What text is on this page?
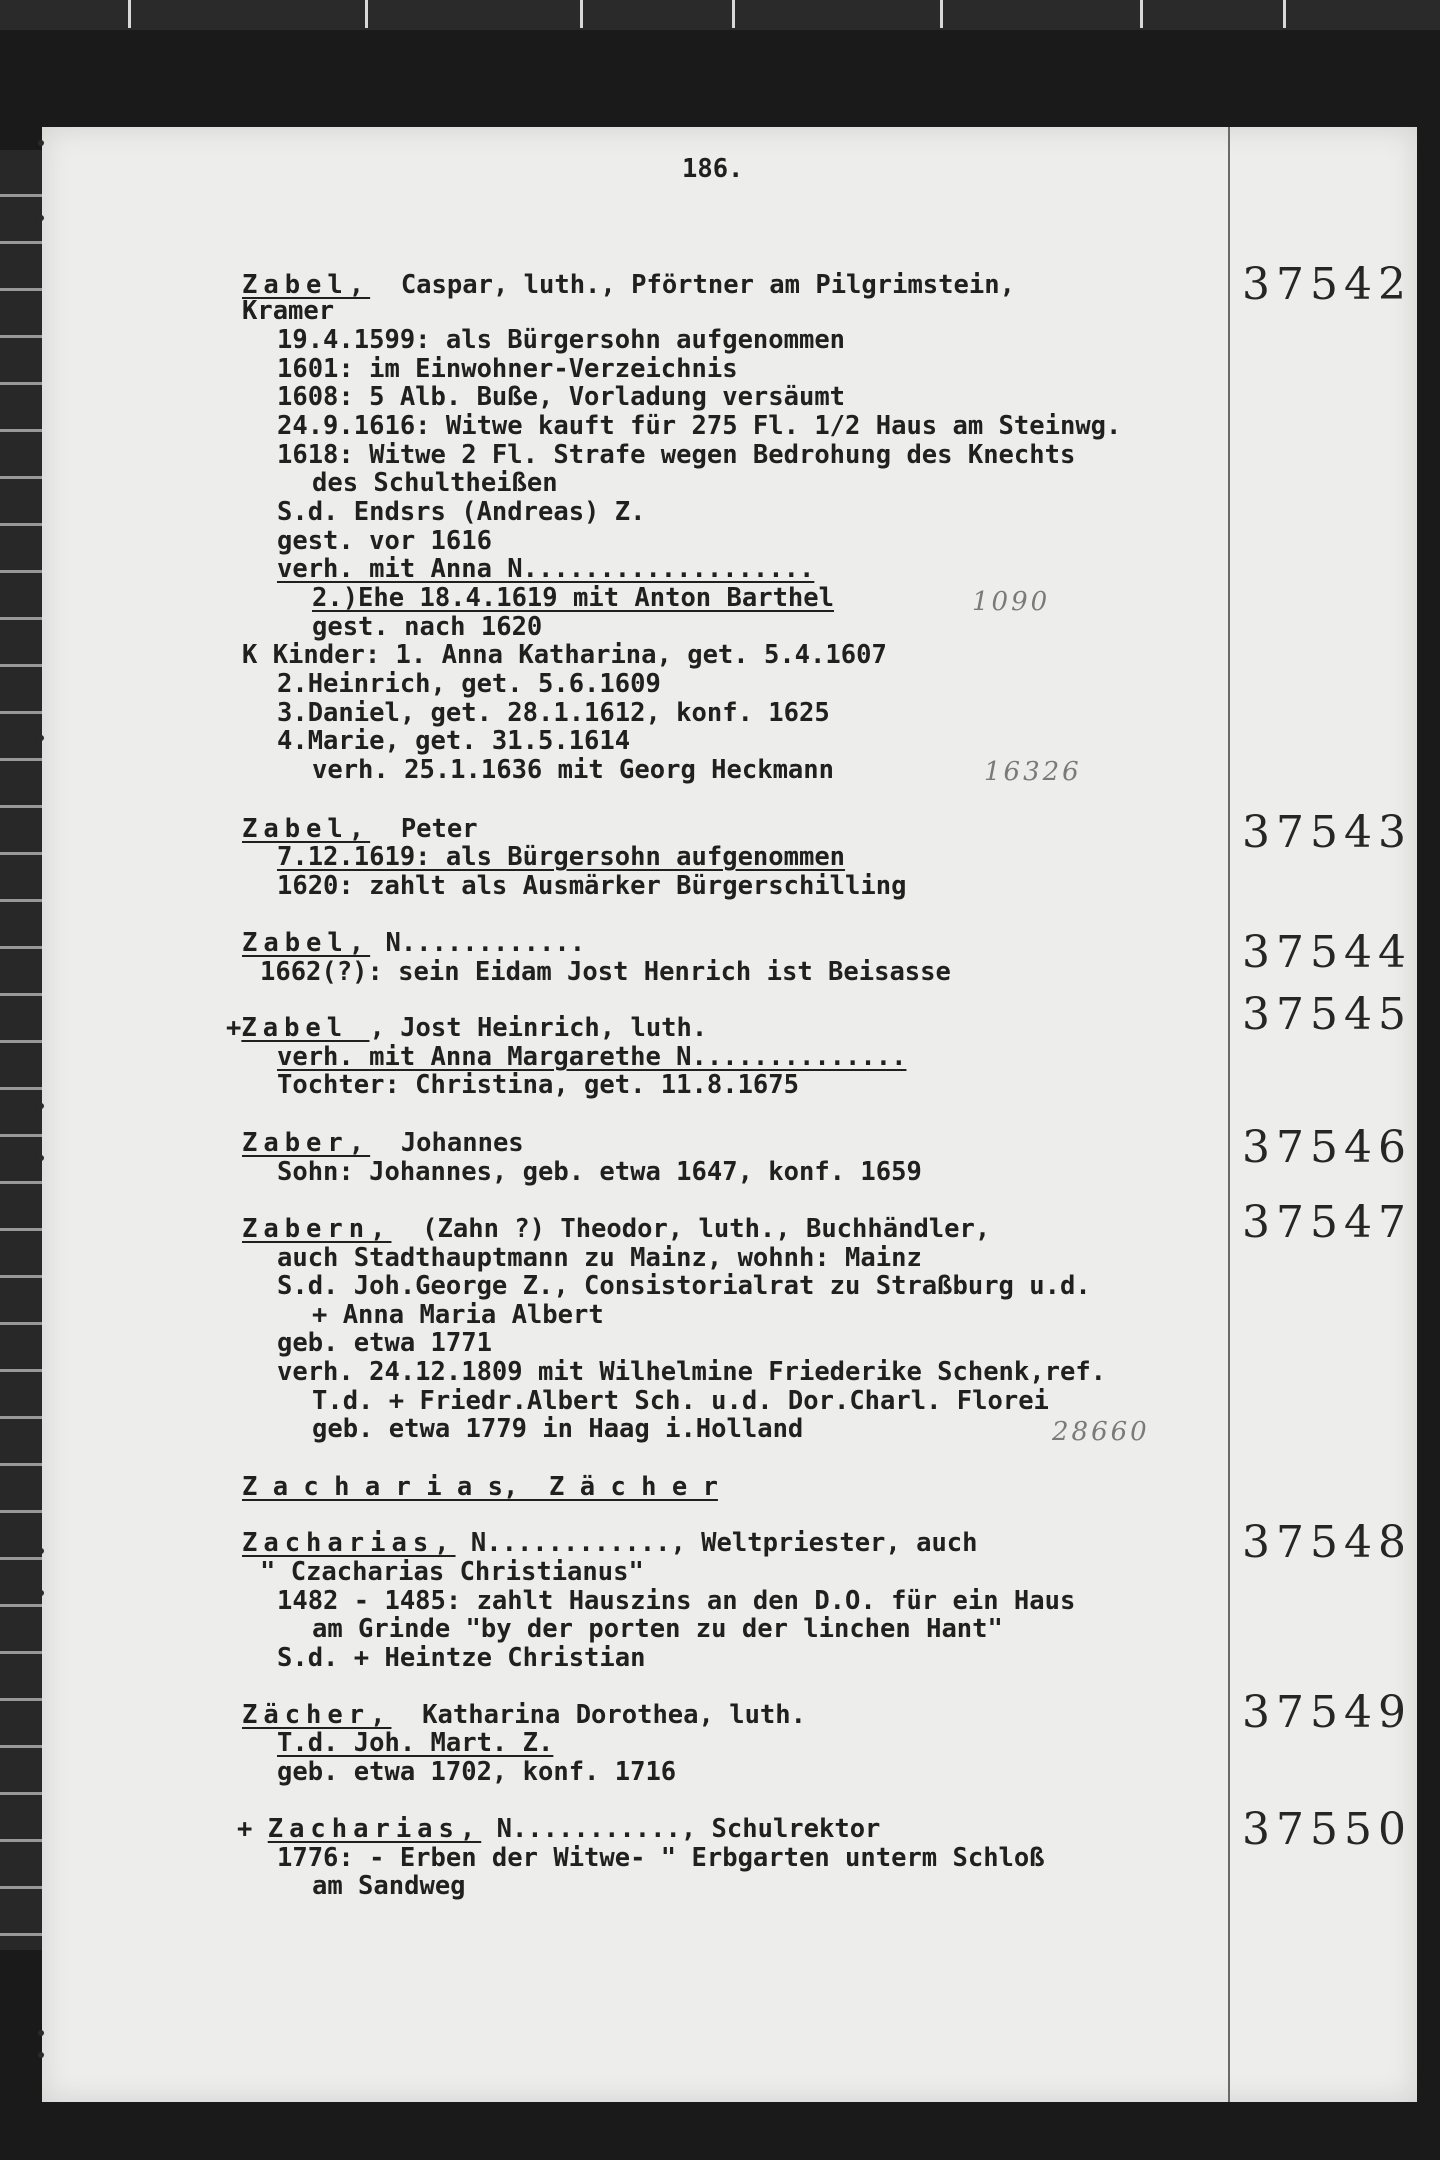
186.
37542
Zabel,  Caspar, luth., Pförtner am Pilgrimstein,
Kramer
19.4.1599: als Bürgersohn aufgenommen
1601: im Einwohner-Verzeichnis
1608: 5 Alb. Buße, Vorladung versäumt
24.9.1616: Witwe kauft für 275 Fl. 1/2 Haus am Steinwg.
1618: Witwe 2 Fl. Strafe wegen Bedrohung des Knechts
des Schultheißen
S.d. Endsrs (Andreas) Z.
gest. vor 1616
verh. mit Anna N...................
2.)Ehe 18.4.1619 mit Anton Barthel
gest. nach 1620
K Kinder: 1. Anna Katharina, get. 5.4.1607
2.Heinrich, get. 5.6.1609
3.Daniel, get. 28.1.1612, konf. 1625
4.Marie, get. 31.5.1614
verh. 25.1.1636 mit Georg Heckmann
1090
16326
37543
Zabel,  Peter
7.12.1619: als Bürgersohn aufgenommen
1620: zahlt als Ausmärker Bürgerschilling
37544
Zabel, N............
1662(?): sein Eidam Jost Henrich ist Beisasse
37545
+Zabel , Jost Heinrich, luth.
verh. mit Anna Margarethe N..............
Tochter: Christina, get. 11.8.1675
37546
Zaber,  Johannes
Sohn: Johannes, geb. etwa 1647, konf. 1659
37547
Zabern,  (Zahn ?) Theodor, luth., Buchhändler,
auch Stadthauptmann zu Mainz, wohnh: Mainz
S.d. Joh.George Z., Consistorialrat zu Straßburg u.d.
+ Anna Maria Albert
geb. etwa 1771
verh. 24.12.1809 mit Wilhelmine Friederike Schenk,ref.
T.d. + Friedr.Albert Sch. u.d. Dor.Charl. Florei
geb. etwa 1779 in Haag i.Holland	28660
Z a c h a r i a s,  Z ä c h e r
37548
Zacharias, N............, Weltpriester, auch
" Czacharias Christianus"
1482 - 1485: zahlt Hauszins an den D.O. für ein Haus
am Grinde "by der porten zu der linchen Hant"
S.d. + Heintze Christian
37549
Zächer,  Katharina Dorothea, luth.
T.d. Joh. Mart. Z.
geb. etwa 1702, konf. 1716
37550
+ Zacharias, N..........., Schulrektor
1776: - Erben der Witwe- " Erbgarten unterm Schloß
am Sandweg
